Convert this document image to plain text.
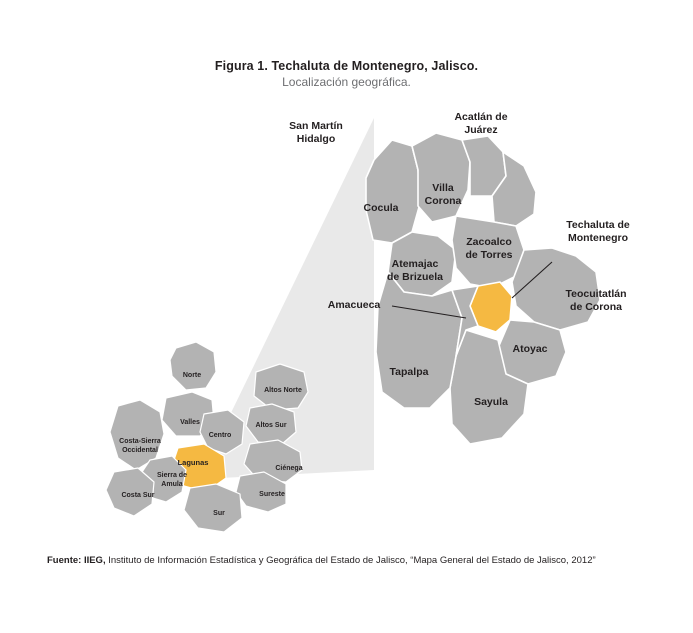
Figura 1. Techaluta de Montenegro, Jalisco.
Localización geográfica.
San Martín
Hidalgo
Acatlán de
Juárez
Cocula
Villa
Corona
Zacoalco
de Torres
Atemajac
de Brizuela
Amacueca
Teocuitatlán
de Corona
Atoyac
Tapalpa
Sayula
Techaluta de
Montenegro
Norte
Altos Norte
Valles	Altos Sur
Centro
Costa-Sierra
Occidental
Lagunas
Ciénega
Sierra de
Amula
Sureste
Costa Sur
Sur
Fuente: IIEG, Instituto de Información Estadística y Geográfica del Estado de Jalisco, “Mapa General del Estado de Jalisco, 2012”
